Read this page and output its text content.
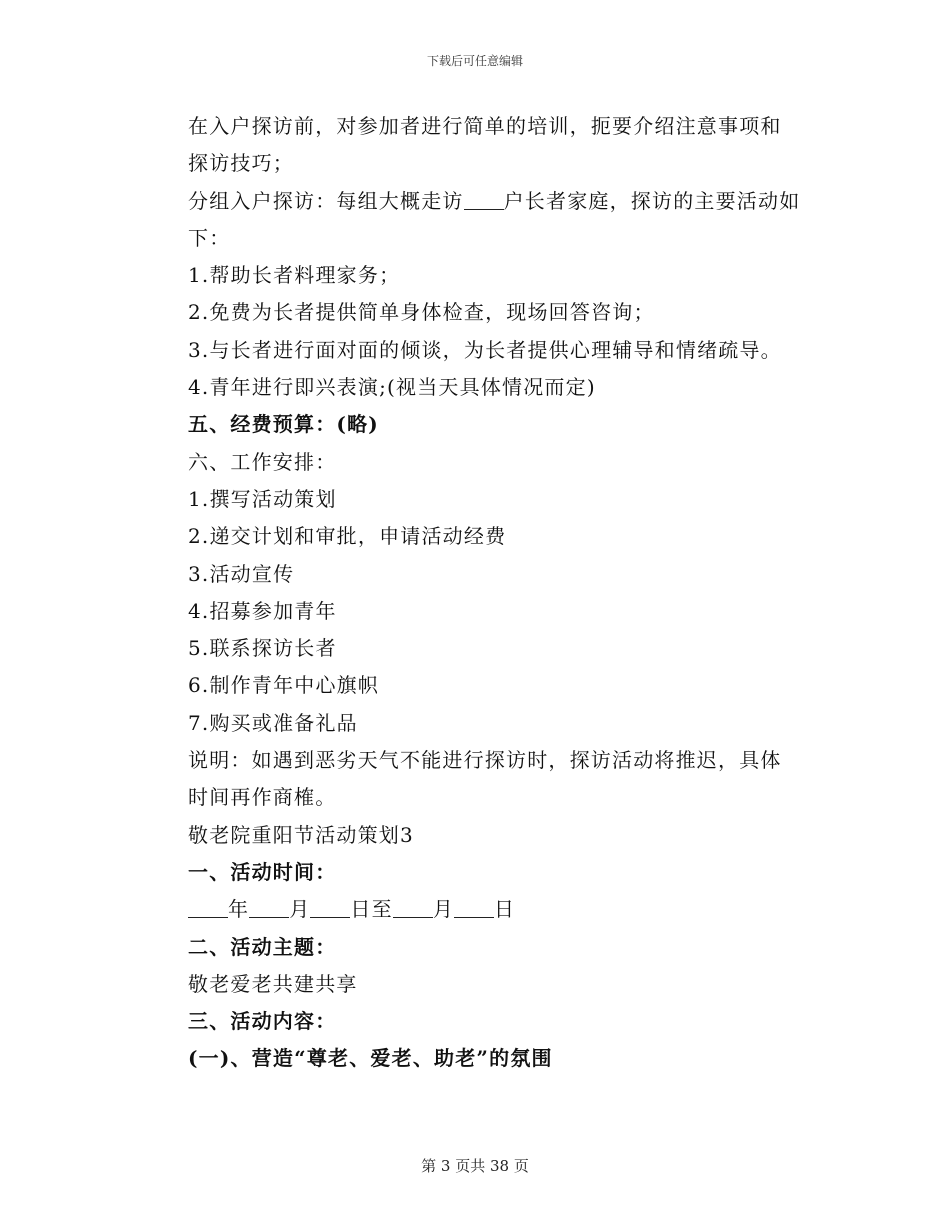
下载后可任意编辑

在入户探访前，对参加者进行简单的培训，扼要介绍注意事项和探访技巧；

分组入户探访：每组大概走访 户长者家庭，探访的主要活动如下：

1.帮助长者料理家务；

2.免费为长者提供简单身体检查，现场回答咨询；

3.与长者进行面对面的倾谈，为长者提供心理辅导和情绪疏导。

4.青年进行即兴表演;(视当天具体情况而定)

五、经费预算：(略)

六、工作安排：

1.撰写活动策划

2.递交计划和审批，申请活动经费

3.活动宣传

4.招募参加青年

5.联系探访长者

6.制作青年中心旗帜

7.购买或准备礼品

说明：如遇到恶劣天气不能进行探访时，探访活动将推迟，具体时间再作商榷。

敬老院重阳节活动策划3

一、活动时间：

年 月 日至 月 日

二、活动主题：

敬老爱老共建共享

三、活动内容：

(一)、营造“尊老、爱老、助老”的氛围

第 3 页共 38 页
